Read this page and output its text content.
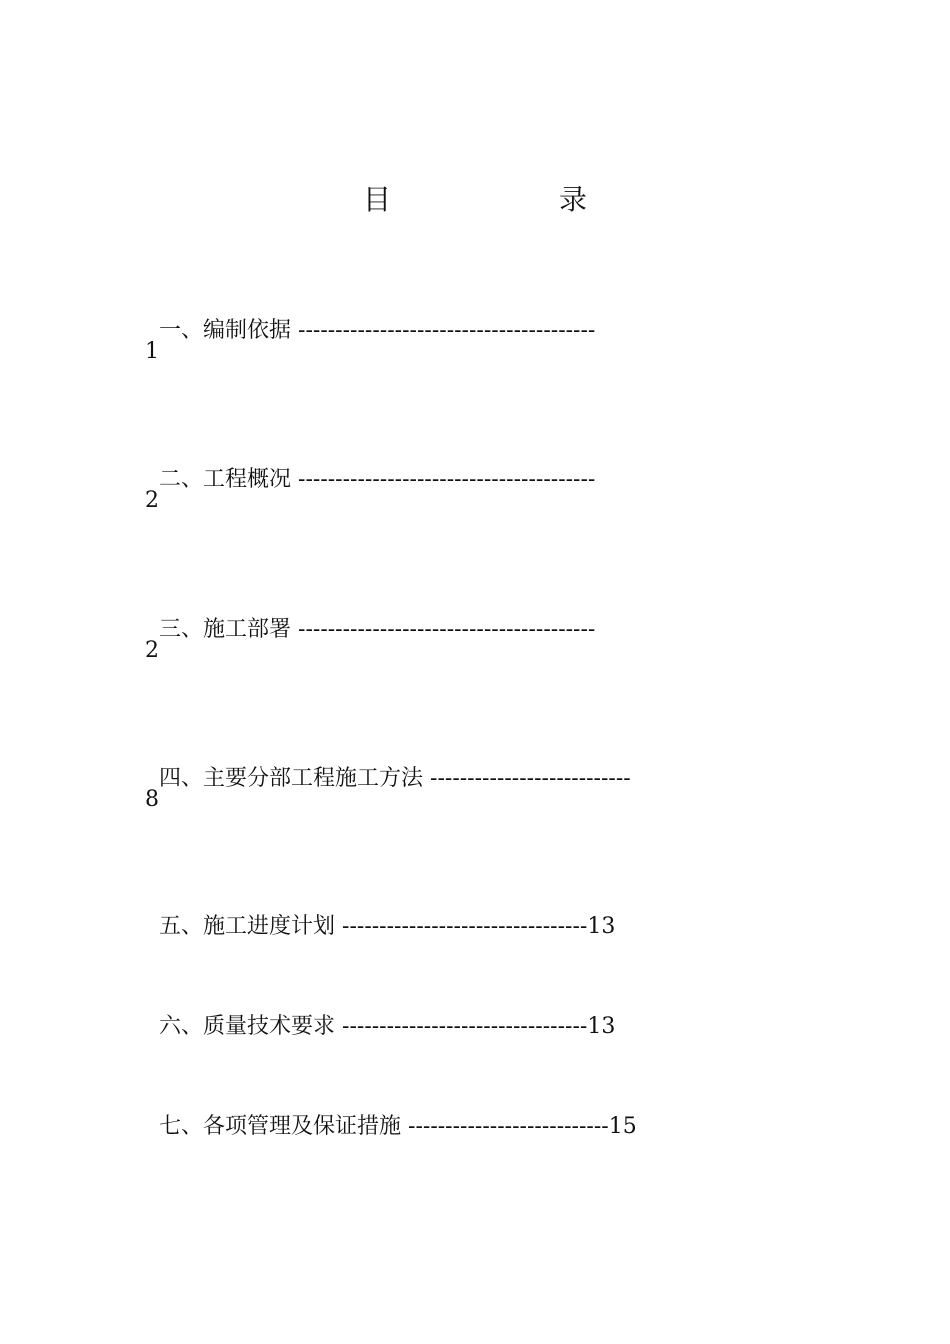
目　录

一、编制依据 ----------------------------------------

1

二、工程概况 ----------------------------------------

2

三、施工部署 ----------------------------------------

2

四、主要分部工程施工方法 ---------------------------

8

五、施工进度计划 ---------------------------------13

六、质量技术要求 ---------------------------------13

七、各项管理及保证措施 ---------------------------15
